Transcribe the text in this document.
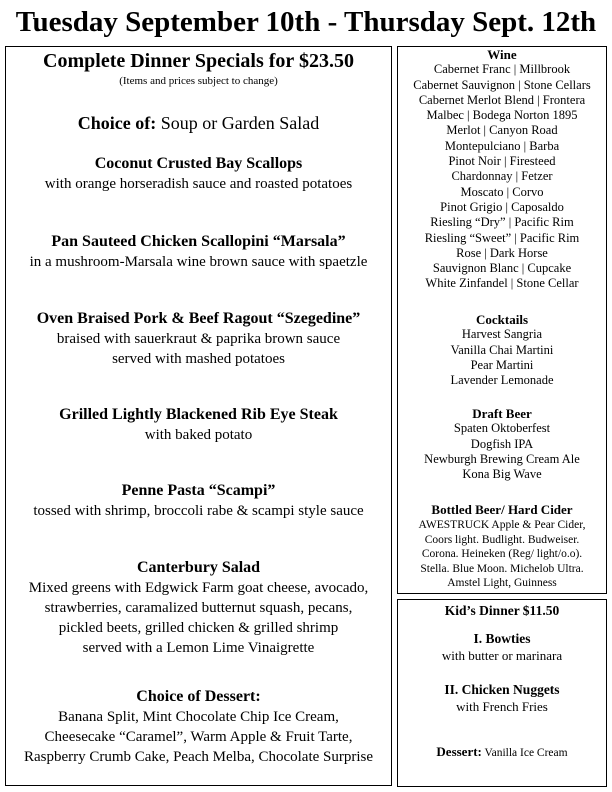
Tuesday September 10th - Thursday Sept. 12th
Complete Dinner Specials for $23.50
(Items and prices subject to change)
Choice of: Soup or Garden Salad
Coconut Crusted Bay Scallops
with orange horseradish sauce and roasted potatoes
Pan Sauteed Chicken Scallopini “Marsala”
in a mushroom-Marsala wine brown sauce with spaetzle
Oven Braised Pork & Beef Ragout “Szegedine”
braised with sauerkraut & paprika brown sauce
served with mashed potatoes
Grilled Lightly Blackened Rib Eye Steak
with baked potato
Penne Pasta “Scampi”
tossed with shrimp, broccoli rabe & scampi style sauce
Canterbury Salad
Mixed greens with Edgwick Farm goat cheese, avocado,
strawberries, caramalized butternut squash, pecans,
pickled beets, grilled chicken & grilled shrimp
served with a Lemon Lime Vinaigrette
Choice of Dessert:
Banana Split, Mint Chocolate Chip Ice Cream,
Cheesecake “Caramel”, Warm Apple & Fruit Tarte,
Raspberry Crumb Cake, Peach Melba, Chocolate Surprise
Wine
Cabernet Franc | Millbrook
Cabernet Sauvignon | Stone Cellars
Cabernet Merlot Blend | Frontera
Malbec | Bodega Norton 1895
Merlot | Canyon Road
Montepulciano | Barba
Pinot Noir | Firesteed
Chardonnay | Fetzer
Moscato | Corvo
Pinot Grigio | Caposaldo
Riesling “Dry” | Pacific Rim
Riesling “Sweet” | Pacific Rim
Rose | Dark Horse
Sauvignon Blanc | Cupcake
White Zinfandel | Stone Cellar
Cocktails
Harvest Sangria
Vanilla Chai Martini
Pear Martini
Lavender Lemonade
Draft Beer
Spaten Oktoberfest
Dogfish IPA
Newburgh Brewing Cream Ale
Kona Big Wave
Bottled Beer/ Hard Cider
AWESTRUCK Apple & Pear Cider,
Coors light. Budlight. Budweiser.
Corona. Heineken (Reg/ light/o.o).
Stella. Blue Moon. Michelob Ultra.
Amstel Light, Guinness
Kid’s Dinner $11.50
I. Bowties
with butter or marinara
II. Chicken Nuggets
with French Fries
Dessert: Vanilla Ice Cream
